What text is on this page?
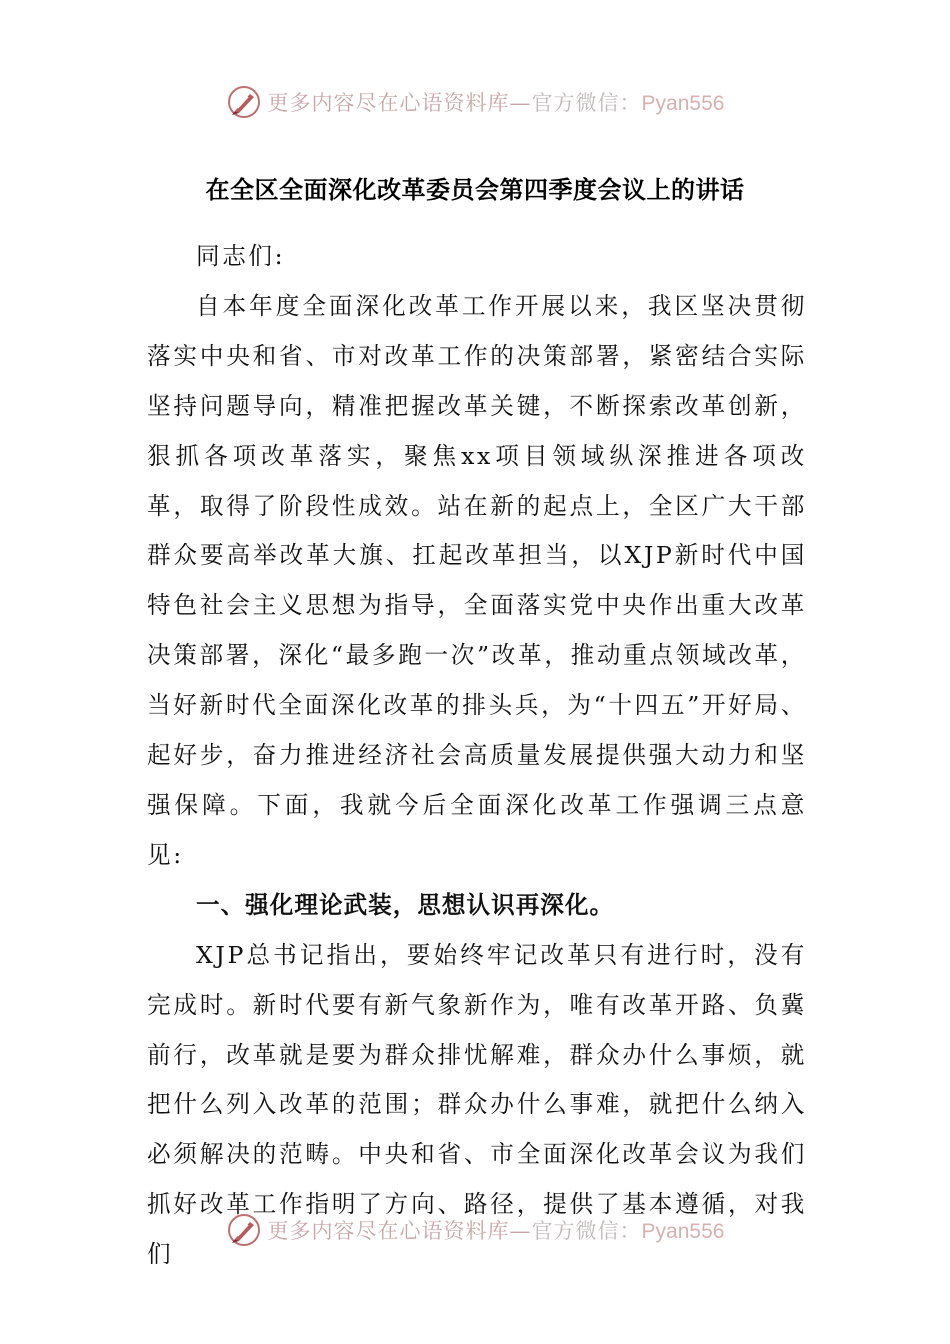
更多内容尽在心语资料库—官方微信：Pyan556
在全区全面深化改革委员会第四季度会议上的讲话

同志们:

自本年度全面深化改革工作开展以来，我区坚决贯彻落实中央和省、市对改革工作的决策部署，紧密结合实际坚持问题导向，精准把握改革关键，不断探索改革创新，狠抓各项改革落实，聚焦xx项目领域纵深推进各项改革，取得了阶段性成效。站在新的起点上，全区广大干部群众要高举改革大旗、扛起改革担当，以XJP新时代中国特色社会主义思想为指导，全面落实党中央作出重大改革决策部署，深化“最多跑一次”改革，推动重点领域改革，当好新时代全面深化改革的排头兵，为“十四五”开好局、起好步，奋力推进经济社会高质量发展提供强大动力和坚强保障。下面，我就今后全面深化改革工作强调三点意见:

一、强化理论武装，思想认识再深化。

XJP总书记指出，要始终牢记改革只有进行时，没有完成时。新时代要有新气象新作为，唯有改革开路、负冀前行，改革就是要为群众排忧解难，群众办什么事烦，就把什么列入改革的范围；群众办什么事难，就把什么纳入必须解决的范畴。中央和省、市全面深化改革会议为我们抓好改革工作指明了方向、路径，提供了基本遵循，对我们

更多内容尽在心语资料库—官方微信：Pyan556
